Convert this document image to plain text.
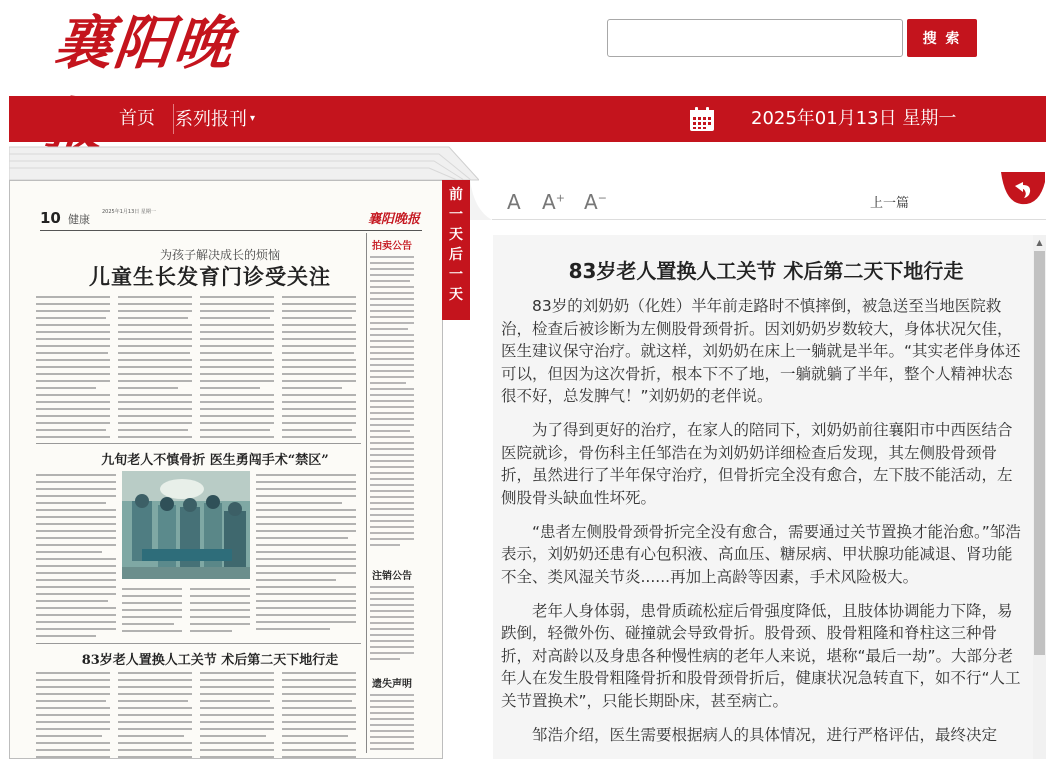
襄阳晚报
搜 索
首页 系列报刊 ▾	2025年01月13日 星期一
10 健康
2025年1月13日 星期一	襄阳晚报
为孩子解决成长的烦恼
儿童生长发育门诊受关注
九旬老人不慎骨折 医生勇闯手术“禁区”
83岁老人置换人工关节 术后第二天下地行走
拍卖公告
注销公告
遗失声明
前
一
天
后
一
天
A A+ A−	上一篇
83岁老人置换人工关节 术后第二天下地行走

83岁的刘奶奶（化姓）半年前走路时不慎摔倒，被急送至当地医院救治，检查后被诊断为左侧股骨颈骨折。因刘奶奶岁数较大，身体状况欠佳，医生建议保守治疗。就这样，刘奶奶在床上一躺就是半年。“其实老伴身体还可以，但因为这次骨折，根本下不了地，一躺就躺了半年，整个人精神状态很不好，总发脾气！”刘奶奶的老伴说。

为了得到更好的治疗，在家人的陪同下，刘奶奶前往襄阳市中西医结合医院就诊，骨伤科主任邹浩在为刘奶奶详细检查后发现，其左侧股骨颈骨折，虽然进行了半年保守治疗，但骨折完全没有愈合，左下肢不能活动，左侧股骨头缺血性坏死。

“患者左侧股骨颈骨折完全没有愈合，需要通过关节置换才能治愈。”邹浩表示，刘奶奶还患有心包积液、高血压、糖尿病、甲状腺功能减退、肾功能不全、类风湿关节炎......再加上高龄等因素，手术风险极大。

老年人身体弱，患骨质疏松症后骨强度降低，且肢体协调能力下降，易跌倒，轻微外伤、碰撞就会导致骨折。股骨颈、股骨粗隆和脊柱这三种骨折，对高龄以及身患各种慢性病的老年人来说，堪称“最后一劫”。大部分老年人在发生股骨粗隆骨折和股骨颈骨折后，健康状况急转直下，如不行“人工关节置换术”，只能长期卧床，甚至病亡。

邹浩介绍，医生需要根据病人的具体情况，进行严格评估，最终决定

▲
